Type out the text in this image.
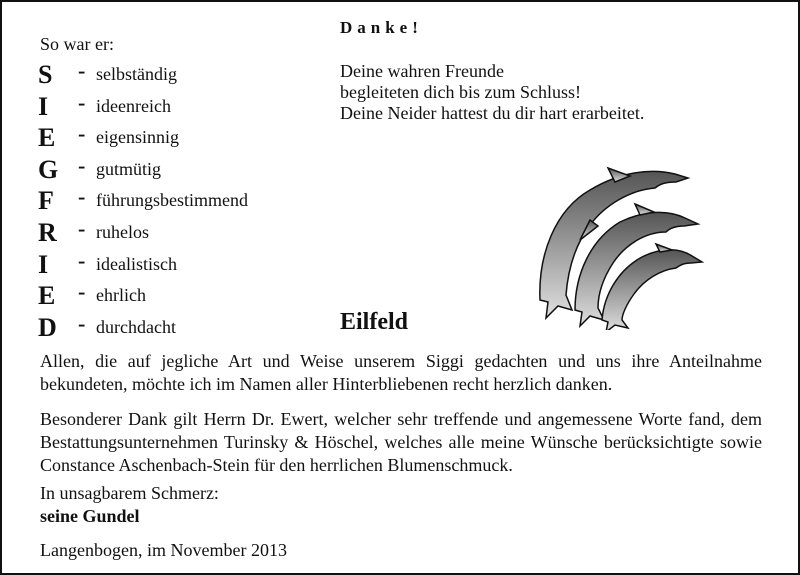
So war er:
S - selbständig
I - ideenreich
E - eigensinnig
G - gutmütig
F - führungsbestimmend
R - ruhelos
I - idealistisch
E - ehrlich
D - durchdacht
Danke!
Deine wahren Freunde
begleiteten dich bis zum Schluss!
Deine Neider hattest du dir hart erarbeitet.
Eilfeld
Allen, die auf jegliche Art und Weise unserem Siggi gedachten und uns ihre Anteilnahme bekundeten, möchte ich im Namen aller Hinterbliebenen recht herzlich danken.
Besonderer Dank gilt Herrn Dr. Ewert, welcher sehr treffende und angemessene Worte fand, dem Bestattungsunternehmen Turinsky & Höschel, welches alle meine Wünsche berücksichtigte sowie Constance Aschenbach-Stein für den herrlichen Blumenschmuck.
In unsagbarem Schmerz:
seine Gundel
Langenbogen, im November 2013
